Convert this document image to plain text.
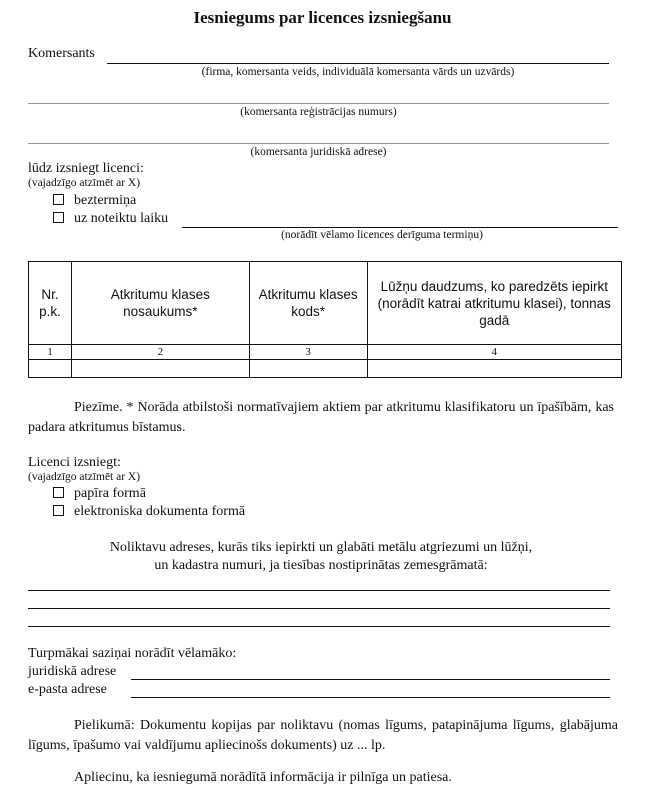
Iesniegums par licences izsniegšanu
Komersants
(firma, komersanta veids, individuālā komersanta vārds un uzvārds)
(komersanta reģistrācijas numurs)
(komersanta juridiskā adrese)
lūdz izsniegt licenci:
(vajadzīgo atzīmēt ar X)
beztermiņa
uz noteiktu laiku
(norādīt vēlamo licences derīguma termiņu)
Nr. p.k.	Atkritumu klases nosaukums*	Atkritumu klases kods*	Lūžņu daudzums, ko paredzēts iepirkt (norādīt katrai atkritumu klasei), tonnas gadā
1	2	3	4

Piezīme. * Norāda atbilstoši normatīvajiem aktiem par atkritumu klasifikatoru un īpašībām, kas padara atkritumus bīstamus.
Licenci izsniegt:
(vajadzīgo atzīmēt ar X)
papīra formā
elektroniska dokumenta formā
Noliktavu adreses, kurās tiks iepirkti un glabāti metālu atgriezumi un lūžņi,
un kadastra numuri, ja tiesības nostiprinātas zemesgrāmatā:
Turpmākai saziņai norādīt vēlamāko:
juridiskā adrese
e-pasta adrese
Pielikumā: Dokumentu kopijas par noliktavu (nomas līgums, patapinājuma līgums, glabājuma līgums, īpašumo vai valdījumu apliecinošs dokuments) uz ... lp.
Apliecinu, ka iesniegumā norādītā informācija ir pilnīga un patiesa.
